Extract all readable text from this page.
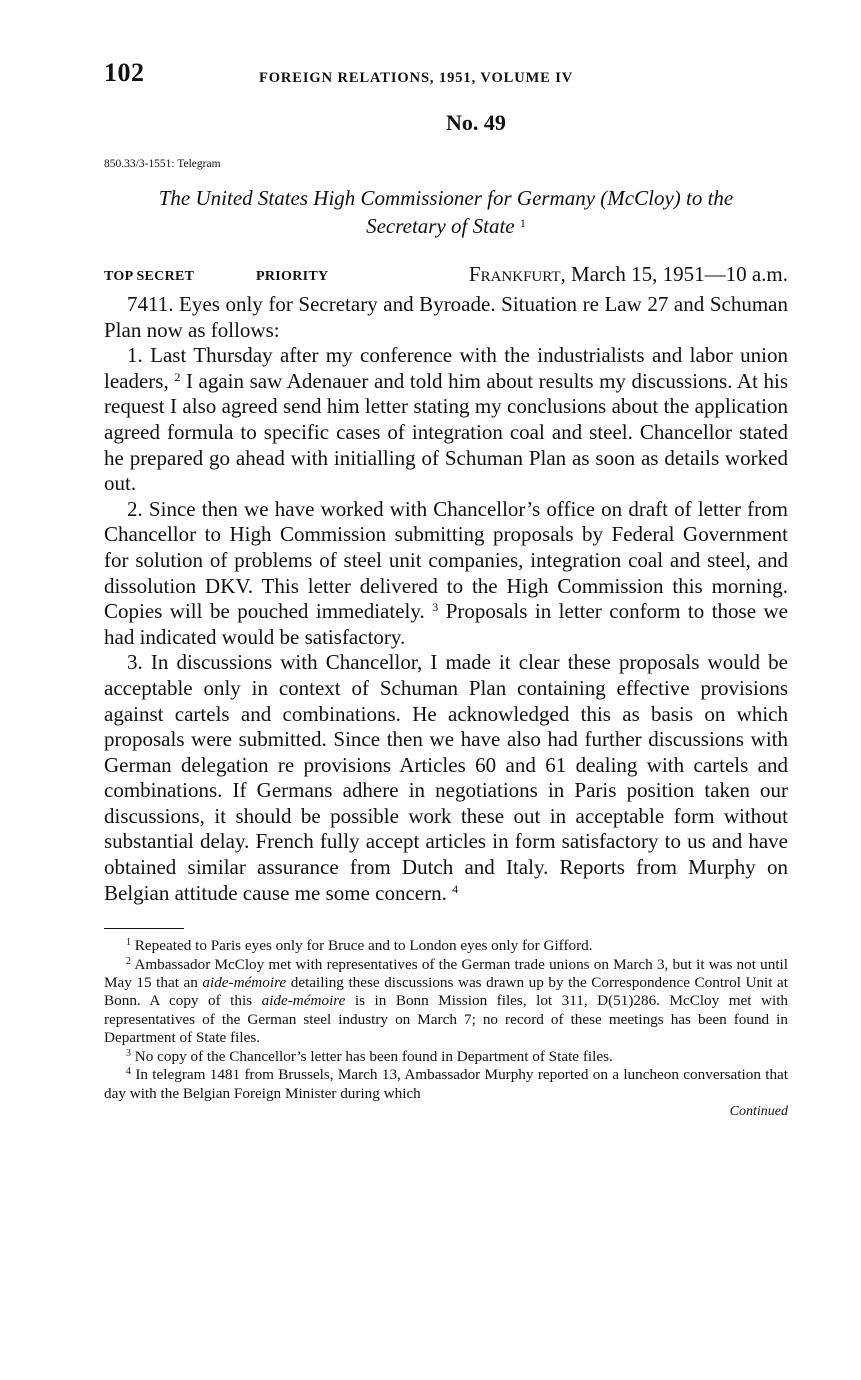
102	FOREIGN RELATIONS, 1951, VOLUME IV
No. 49
850.33/3-1551: Telegram
The United States High Commissioner for Germany (McCloy) to the
Secretary of State $^1$
TOP SECRET	PRIORITY	Frankfurt, March 15, 1951—10 a.m.

7411. Eyes only for Secretary and Byroade. Situation re Law 27 and Schuman Plan now as follows:

1. Last Thursday after my conference with the industrialists and labor union leaders, $^2$ I again saw Adenauer and told him about results my discussions. At his request I also agreed send him letter stating my conclusions about the application agreed formula to specific cases of integration coal and steel. Chancellor stated he prepared go ahead with initialling of Schuman Plan as soon as details worked out.

2. Since then we have worked with Chancellor’s office on draft of letter from Chancellor to High Commission submitting proposals by Federal Government for solution of problems of steel unit companies, integration coal and steel, and dissolution DKV. This letter delivered to the High Commission this morning. Copies will be pouched immediately. $^3$ Proposals in letter conform to those we had indicated would be satisfactory.

3. In discussions with Chancellor, I made it clear these proposals would be acceptable only in context of Schuman Plan containing effective provisions against cartels and combinations. He acknowledged this as basis on which proposals were submitted. Since then we have also had further discussions with German delegation re provisions Articles 60 and 61 dealing with cartels and combinations. If Germans adhere in negotiations in Paris position taken our discussions, it should be possible work these out in acceptable form without substantial delay. French fully accept articles in form satisfactory to us and have obtained similar assurance from Dutch and Italy. Reports from Murphy on Belgian attitude cause me some concern. $^4$

$^1$ Repeated to Paris eyes only for Bruce and to London eyes only for Gifford.

$^2$ Ambassador McCloy met with representatives of the German trade unions on March 3, but it was not until May 15 that an aide-mémoire detailing these discussions was drawn up by the Correspondence Control Unit at Bonn. A copy of this aide-mémoire is in Bonn Mission files, lot 311, D(51)286. McCloy met with representatives of the German steel industry on March 7; no record of these meetings has been found in Department of State files.

$^3$ No copy of the Chancellor’s letter has been found in Department of State files.

$^4$ In telegram 1481 from Brussels, March 13, Ambassador Murphy reported on a luncheon conversation that day with the Belgian Foreign Minister during which

Continued
